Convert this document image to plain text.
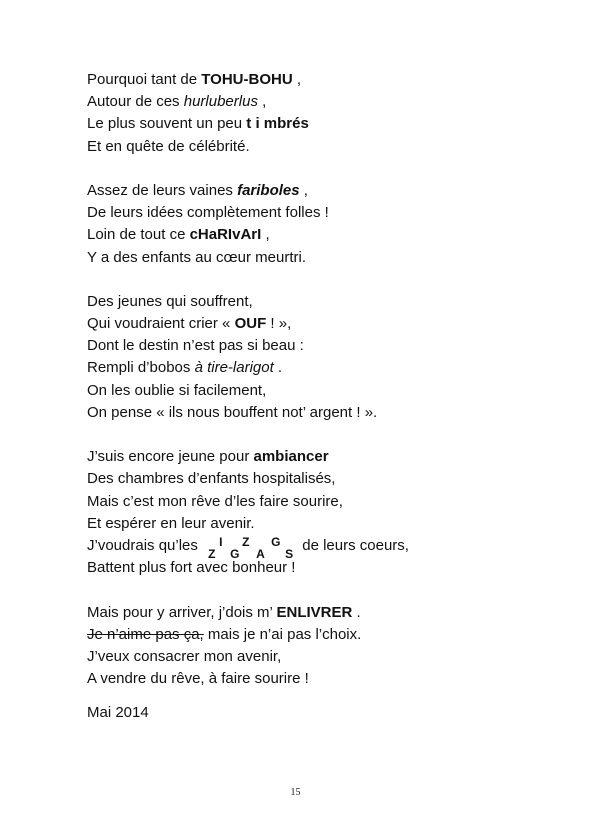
Pourquoi tant de TOHU-BOHU ,
Autour de ces hurluberlus ,
Le plus souvent un peu t i mbrés
Et en quête de célébrité.
Assez de leurs vaines fariboles ,
De leurs idées complètement folles !
Loin de tout ce cHaRIvArI ,
Y a des enfants au cœur meurtri.
Des jeunes qui souffrent,
Qui voudraient crier « OUF ! »,
Dont le destin n’est pas si beau :
Rempli d’bobos à tire-larigot .
On les oublie si facilement,
On pense « ils nous bouffent not’ argent ! ».
J’suis encore jeune pour ambiancer
Des chambres d’enfants hospitalisés,
Mais c’est mon rêve d’les faire sourire,
Et espérer en leur avenir.
J’voudrais qu’les Z
I
G
Z
A
G
S de leurs coeurs,
Battent plus fort avec bonheur !
Mais pour y arriver, j’dois m’ ENLIVRER .
Je n’aime pas ça, mais je n’ai pas l’choix.
J’veux consacrer mon avenir,
A vendre du rêve, à faire sourire !
Mai 2014
15
